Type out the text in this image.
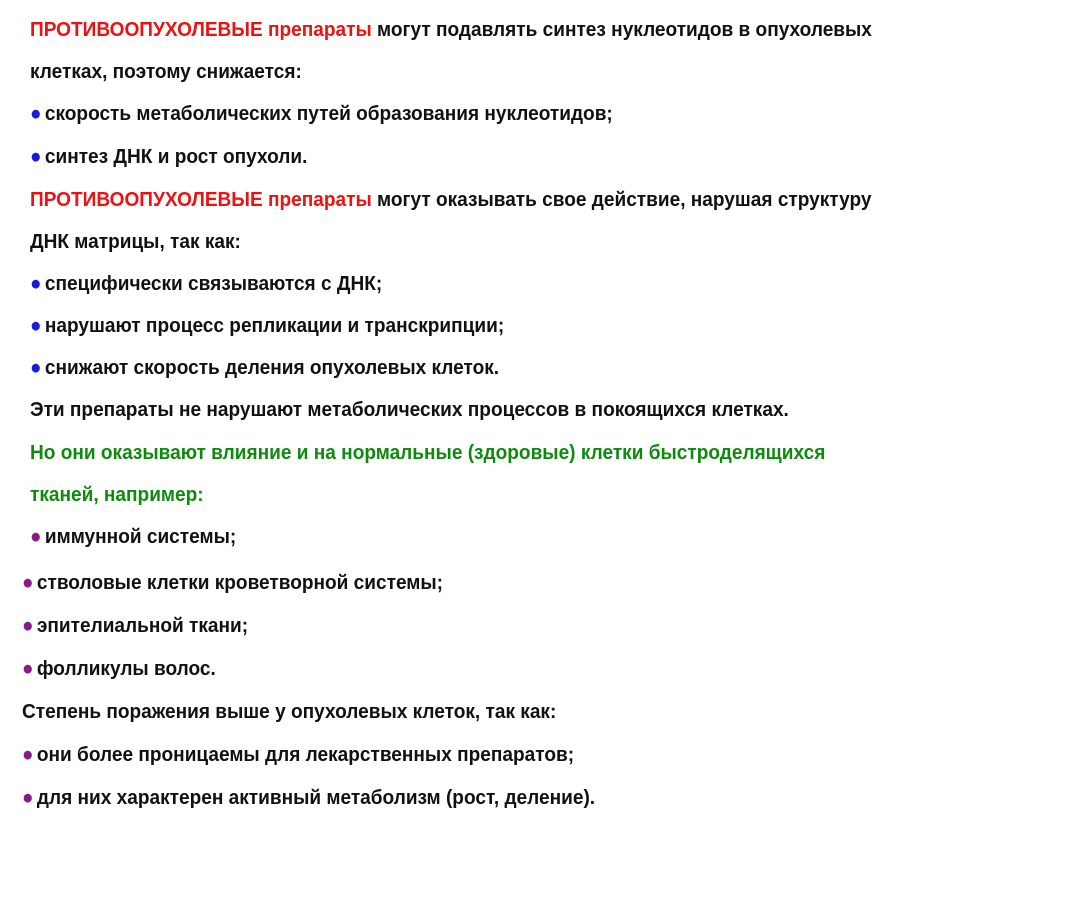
ПРОТИВООПУХОЛЕВЫЕ препараты могут подавлять синтез нуклеотидов в опухолевых
клетках, поэтому снижается:
● скорость метаболических путей образования нуклеотидов;
● синтез ДНК и рост опухоли.
ПРОТИВООПУХОЛЕВЫЕ препараты могут оказывать свое действие, нарушая структуру
ДНК матрицы, так как:
● специфически связываются с ДНК;
● нарушают процесс репликации и транскрипции;
● снижают скорость деления опухолевых клеток.
Эти препараты не нарушают метаболических процессов в покоящихся клетках.
Но они оказывают влияние и на нормальные (здоровые) клетки быстроделящихся
тканей, например:
● иммунной системы;
● стволовые клетки кроветворной системы;
● эпителиальной ткани;
● фолликулы волос.
Степень поражения выше у опухолевых клеток, так как:
● они более проницаемы для лекарственных препаратов;
● для них характерен активный метаболизм (рост, деление).
